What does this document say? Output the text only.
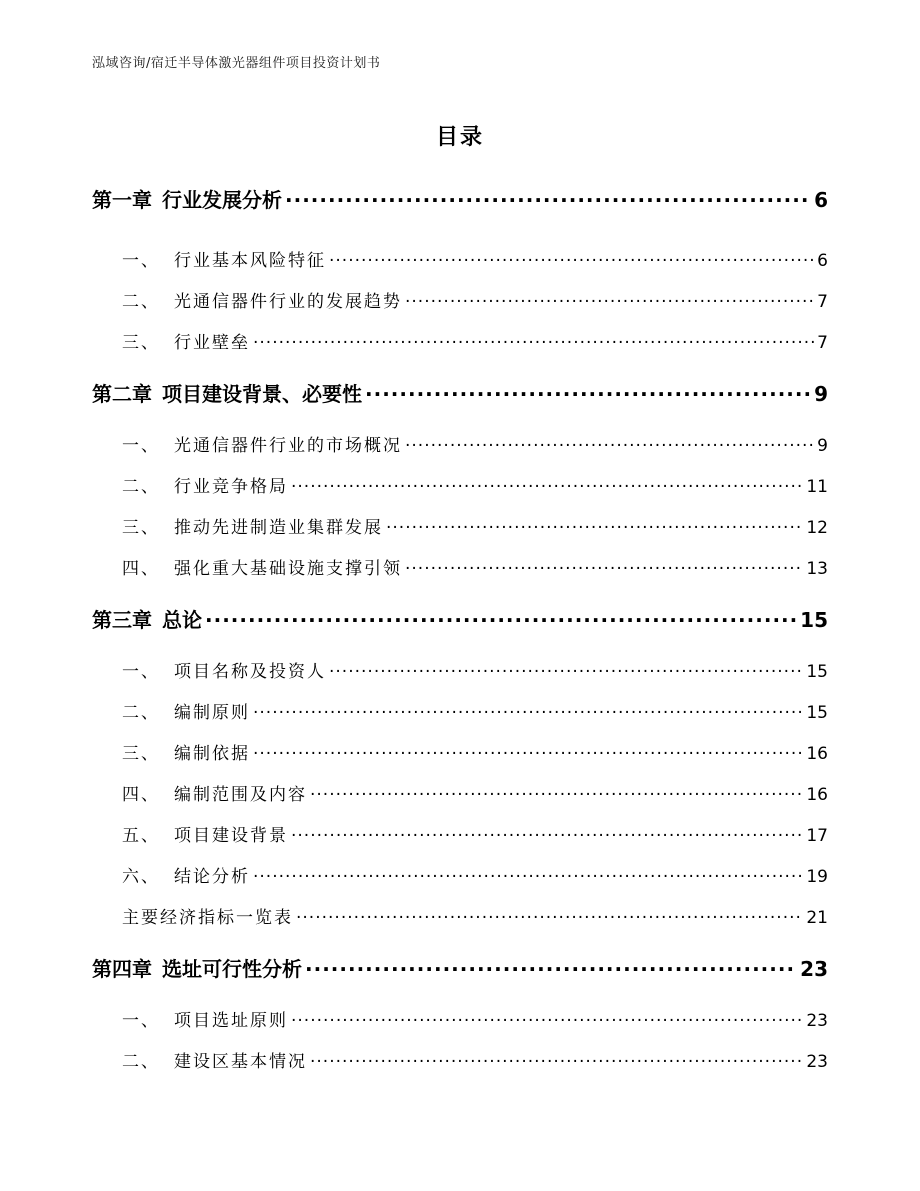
泓域咨询/宿迁半导体激光器组件项目投资计划书
目录
第一章 行业发展分析 .....	6
一、 行业基本风险特征 .....	6
二、 光通信器件行业的发展趋势 .....	7
三、 行业壁垒 .....	7
第二章 项目建设背景、必要性 .....	9
一、 光通信器件行业的市场概况 .....	9
二、 行业竞争格局 .....	11
三、 推动先进制造业集群发展 .....	12
四、 强化重大基础设施支撑引领 .....	13
第三章 总论 .....	15
一、 项目名称及投资人 .....	15
二、 编制原则 .....	15
三、 编制依据 .....	16
四、 编制范围及内容 .....	16
五、 项目建设背景 .....	17
六、 结论分析 .....	19
主要经济指标一览表 .....	21
第四章 选址可行性分析 .....	23
一、 项目选址原则 .....	23
二、 建设区基本情况 .....	23
